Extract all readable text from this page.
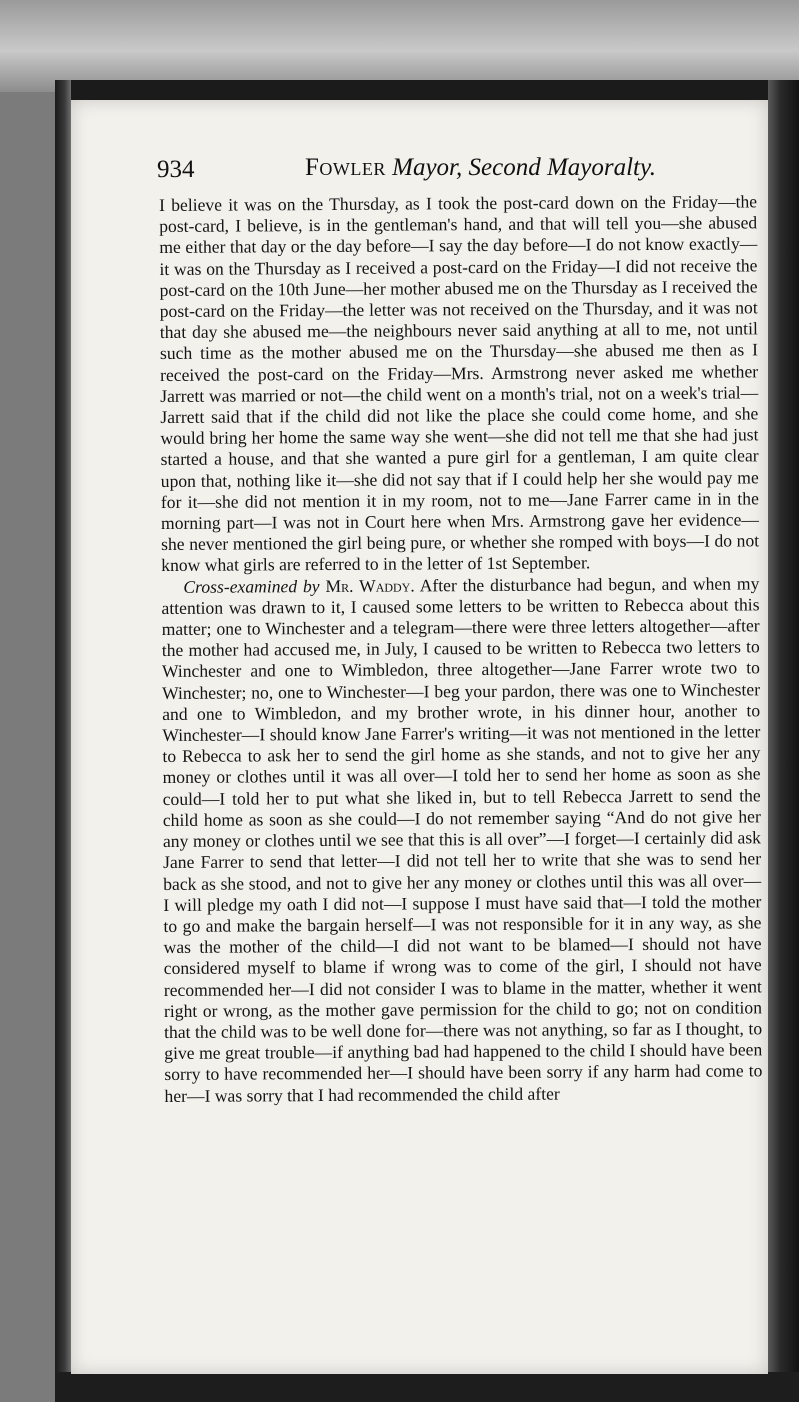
934	Fowler Mayor, Second Mayoralty.

I believe it was on the Thursday, as I took the post-card down on the Friday—the post-card, I believe, is in the gentleman's hand, and that will tell you—she abused me either that day or the day before—I say the day before—I do not know exactly—it was on the Thursday as I received a post-card on the Friday—I did not receive the post-card on the 10th June—her mother abused me on the Thursday as I received the post-card on the Friday—the letter was not received on the Thursday, and it was not that day she abused me—the neighbours never said anything at all to me, not until such time as the mother abused me on the Thursday—she abused me then as I received the post-card on the Friday—Mrs. Armstrong never asked me whether Jarrett was married or not—the child went on a month's trial, not on a week's trial—Jarrett said that if the child did not like the place she could come home, and she would bring her home the same way she went—she did not tell me that she had just started a house, and that she wanted a pure girl for a gentleman, I am quite clear upon that, nothing like it—she did not say that if I could help her she would pay me for it—she did not mention it in my room, not to me—Jane Farrer came in in the morning part—I was not in Court here when Mrs. Armstrong gave her evidence—she never mentioned the girl being pure, or whether she romped with boys—I do not know what girls are referred to in the letter of 1st September.

Cross-examined by Mr. Waddy. After the disturbance had begun, and when my attention was drawn to it, I caused some letters to be written to Rebecca about this matter; one to Winchester and a telegram—there were three letters altogether—after the mother had accused me, in July, I caused to be written to Rebecca two letters to Winchester and one to Wimbledon, three altogether—Jane Farrer wrote two to Winchester; no, one to Winchester—I beg your pardon, there was one to Winchester and one to Wimbledon, and my brother wrote, in his dinner hour, another to Winchester—I should know Jane Farrer's writing—it was not mentioned in the letter to Rebecca to ask her to send the girl home as she stands, and not to give her any money or clothes until it was all over—I told her to send her home as soon as she could—I told her to put what she liked in, but to tell Rebecca Jarrett to send the child home as soon as she could—I do not remember saying “And do not give her any money or clothes until we see that this is all over”—I forget—I certainly did ask Jane Farrer to send that letter—I did not tell her to write that she was to send her back as she stood, and not to give her any money or clothes until this was all over—I will pledge my oath I did not—I suppose I must have said that—I told the mother to go and make the bargain herself—I was not responsible for it in any way, as she was the mother of the child—I did not want to be blamed—I should not have considered myself to blame if wrong was to come of the girl, I should not have recommended her—I did not consider I was to blame in the matter, whether it went right or wrong, as the mother gave permission for the child to go; not on condition that the child was to be well done for—there was not anything, so far as I thought, to give me great trouble—if anything bad had happened to the child I should have been sorry to have recommended her—I should have been sorry if any harm had come to her—I was sorry that I had recommended the child after
